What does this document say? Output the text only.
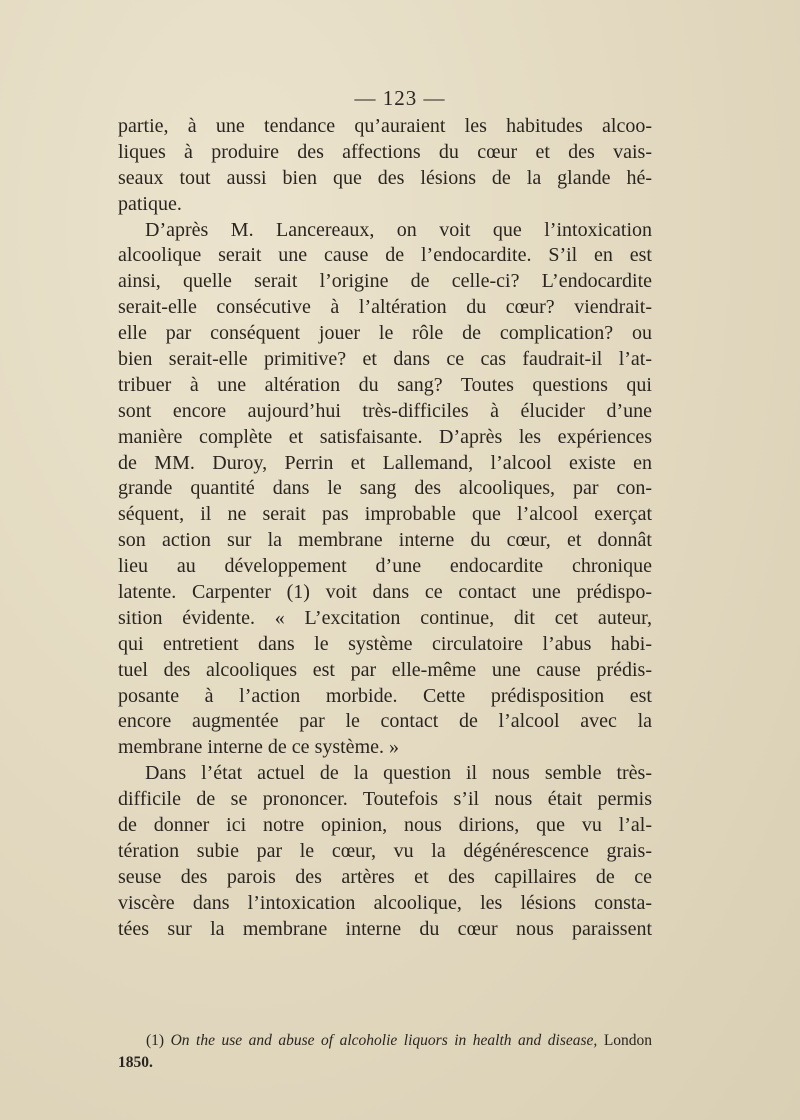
— 123 —
partie, à une tendance qu’auraient les habitudes alcoo-
liques à produire des affections du cœur et des vais-
seaux tout aussi bien que des lésions de la glande hé-
patique.
D’après M. Lancereaux, on voit que l’intoxication
alcoolique serait une cause de l’endocardite. S’il en est
ainsi, quelle serait l’origine de celle-ci? L’endocardite
serait-elle consécutive à l’altération du cœur? viendrait-
elle par conséquent jouer le rôle de complication? ou
bien serait-elle primitive? et dans ce cas faudrait-il l’at-
tribuer à une altération du sang? Toutes questions qui
sont encore aujourd’hui très-difficiles à élucider d’une
manière complète et satisfaisante. D’après les expériences
de MM. Duroy, Perrin et Lallemand, l’alcool existe en
grande quantité dans le sang des alcooliques, par con-
séquent, il ne serait pas improbable que l’alcool exerçat
son action sur la membrane interne du cœur, et donnât
lieu au développement d’une endocardite chronique
latente. Carpenter (1) voit dans ce contact une prédispo-
sition évidente. « L’excitation continue, dit cet auteur,
qui entretient dans le système circulatoire l’abus habi-
tuel des alcooliques est par elle-même une cause prédis-
posante à l’action morbide. Cette prédisposition est
encore augmentée par le contact de l’alcool avec la
membrane interne de ce système. »
Dans l’état actuel de la question il nous semble très-
difficile de se prononcer. Toutefois s’il nous était permis
de donner ici notre opinion, nous dirions, que vu l’al-
tération subie par le cœur, vu la dégénérescence grais-
seuse des parois des artères et des capillaires de ce
viscère dans l’intoxication alcoolique, les lésions consta-
tées sur la membrane interne du cœur nous paraissent
(1) On the use and abuse of alcoholie liquors in health and disease, London
1850.
